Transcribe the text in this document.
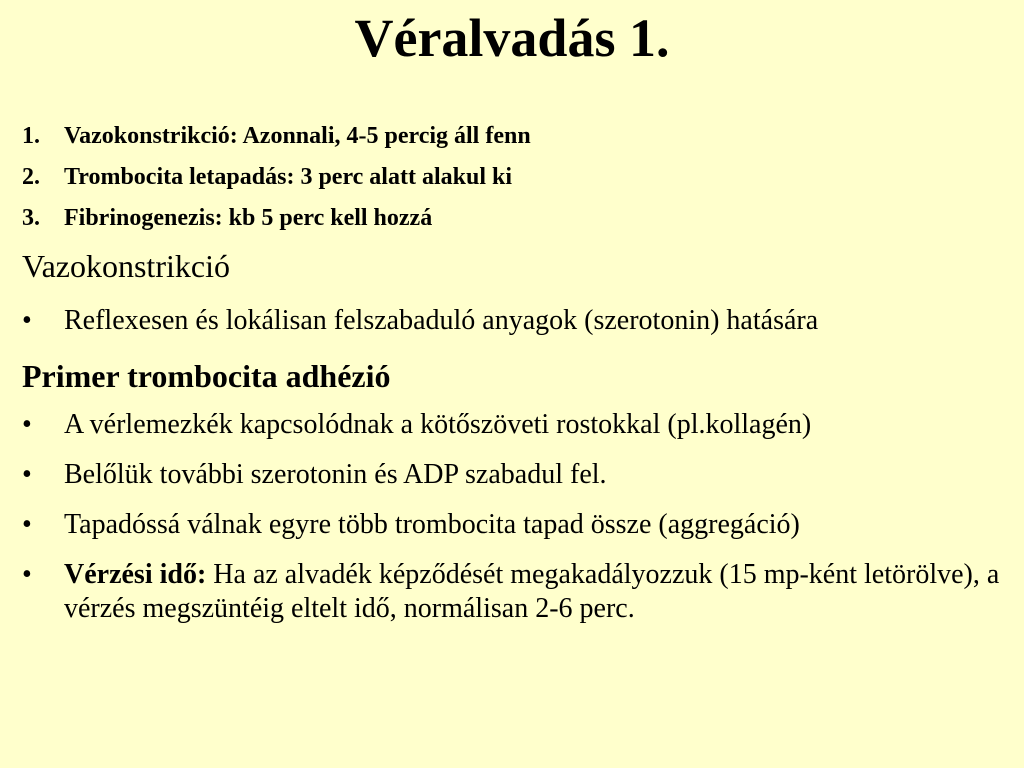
Véralvadás 1.
1.	Vazokonstrikció: Azonnali, 4-5 percig áll fenn
2.	Trombocita letapadás: 3 perc alatt alakul ki
3.	Fibrinogenezis: kb 5 perc kell hozzá
Vazokonstrikció
•	Reflexesen és lokálisan felszabaduló anyagok (szerotonin) hatására
Primer trombocita adhézió
•	A vérlemezkék kapcsolódnak a kötőszöveti rostokkal (pl.kollagén)
•	Belőlük további szerotonin és ADP szabadul fel.
•	Tapadóssá válnak egyre több trombocita tapad össze (aggregáció)
•	Vérzési idő: Ha az alvadék képződését megakadályozzuk (15 mp-ként letörölve), a vérzés megszüntéig eltelt idő, normálisan 2-6 perc.
